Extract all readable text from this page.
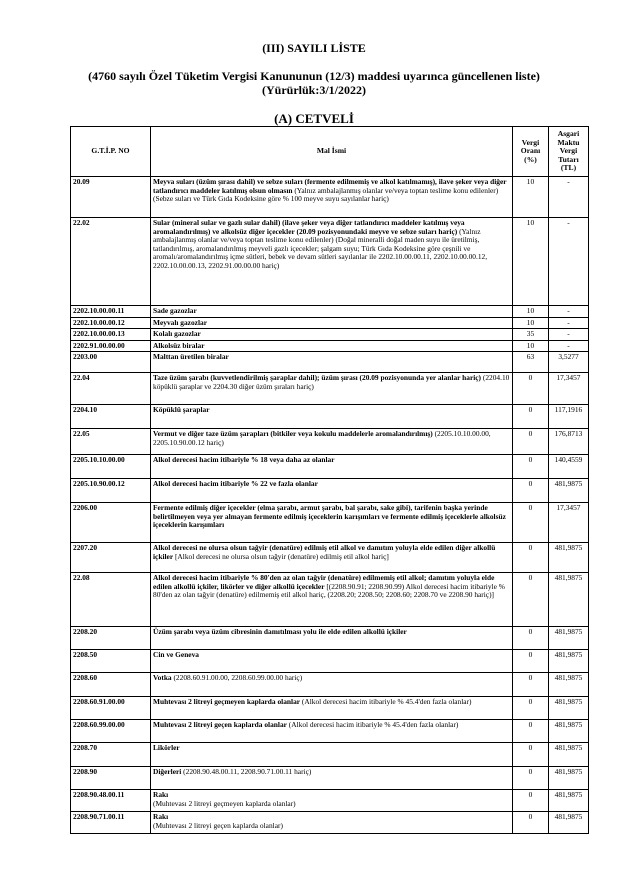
(III) SAYILI LİSTE
(4760 sayılı Özel Tüketim Vergisi Kanununun (12/3) maddesi uyarınca güncellenen liste)
(Yürürlük:3/1/2022)
(A) CETVELİ
G.T.İ.P. NO	Mal İsmi	Vergi Oranı (%)	Asgari Maktu Vergi Tutarı (TL)
20.09	Meyva suları (üzüm şırası dahil) ve sebze suları (fermente edilmemiş ve alkol katılmamış), ilave şeker veya diğer tatlandırıcı maddeler katılmış olsun olmasın (Yalnız ambalajlanmış olanlar ve/veya toptan teslime konu edilenler) (Sebze suları ve Türk Gıda Kodeksine göre % 100 meyve suyu sayılanlar hariç)	10	-
22.02	Sular (mineral sular ve gazlı sular dahil) (ilave şeker veya diğer tatlandırıcı maddeler katılmış veya aromalandırılmış) ve alkolsüz diğer içecekler (20.09 pozisyonundaki meyve ve sebze suları hariç) (Yalnız ambalajlanmış olanlar ve/veya toptan teslime konu edilenler) (Doğal mineralli doğal maden suyu ile üretilmiş, tatlandırılmış, aromalandırılmış meyveli gazlı içecekler; şalgam suyu; Türk Gıda Kodeksine göre çeşnili ve aromalı/aromalandırılmış içme sütleri, bebek ve devam sütleri sayılanlar ile 2202.10.00.00.11, 2202.10.00.00.12, 2202.10.00.00.13, 2202.91.00.00.00 hariç)	10	-
2202.10.00.00.11	Sade gazozlar	10	-
2202.10.00.00.12	Meyvalı gazozlar	10	-
2202.10.00.00.13	Kolalı gazozlar	35	-
2202.91.00.00.00	Alkolsüz biralar	10	-
2203.00	Malttan üretilen biralar	63	3,5277
22.04	Taze üzüm şarabı (kuvvetlendirilmiş şaraplar dahil); üzüm şırası (20.09 pozisyonunda yer alanlar hariç) (2204.10 köpüklü şaraplar ve 2204.30 diğer üzüm şıraları hariç)	0	17,3457
2204.10	Köpüklü şaraplar	0	117,1916
22.05	Vermut ve diğer taze üzüm şarapları (bitkiler veya kokulu maddelerle aromalandırılmış) (2205.10.10.00.00, 2205.10.90.00.12 hariç)	0	176,8713
2205.10.10.00.00	Alkol derecesi hacim itibariyle % 18 veya daha az olanlar	0	140,4559
2205.10.90.00.12	Alkol derecesi hacim itibariyle % 22 ve fazla olanlar	0	481,9875
2206.00	Fermente edilmiş diğer içecekler (elma şarabı, armut şarabı, bal şarabı, sake gibi), tarifenin başka yerinde belirtilmeyen veya yer almayan fermente edilmiş içeceklerin karışımları ve fermente edilmiş içeceklerle alkolsüz içeceklerin karışımları	0	17,3457
2207.20	Alkol derecesi ne olursa olsun tağyir (denatüre) edilmiş etil alkol ve damıtım yoluyla elde edilen diğer alkollü içkiler [Alkol derecesi ne olursa olsun tağyir (denatüre) edilmiş etil alkol hariç]	0	481,9875
22.08	Alkol derecesi hacim itibariyle % 80'den az olan tağyir (denatüre) edilmemiş etil alkol; damıtım yoluyla elde edilen alkollü içkiler, likörler ve diğer alkollü içecekler [(2208.90.91; 2208.90.99) Alkol derecesi hacim itibariyle % 80'den az olan tağyir (denatüre) edilmemiş etil alkol hariç, (2208.20; 2208.50; 2208.60; 2208.70 ve 2208.90 hariç)]	0	481,9875
2208.20	Üzüm şarabı veya üzüm cibresinin damıtılması yolu ile elde edilen alkollü içkiler	0	481,9875
2208.50	Cin ve Geneva	0	481,9875
2208.60	Votka (2208.60.91.00.00, 2208.60.99.00.00 hariç)	0	481,9875
2208.60.91.00.00	Muhtevası 2 litreyi geçmeyen kaplarda olanlar (Alkol derecesi hacim itibariyle % 45.4'den fazla olanlar)	0	481,9875
2208.60.99.00.00	Muhtevası 2 litreyi geçen kaplarda olanlar (Alkol derecesi hacim itibariyle % 45.4'den fazla olanlar)	0	481,9875
2208.70	Likörler	0	481,9875
2208.90	Diğerleri (2208.90.48.00.11, 2208.90.71.00.11 hariç)	0	481,9875
2208.90.48.00.11	Rakı
(Muhtevası 2 litreyi geçmeyen kaplarda olanlar)	0	481,9875
2208.90.71.00.11	Rakı
(Muhtevası 2 litreyi geçen kaplarda olanlar)	0	481,9875
